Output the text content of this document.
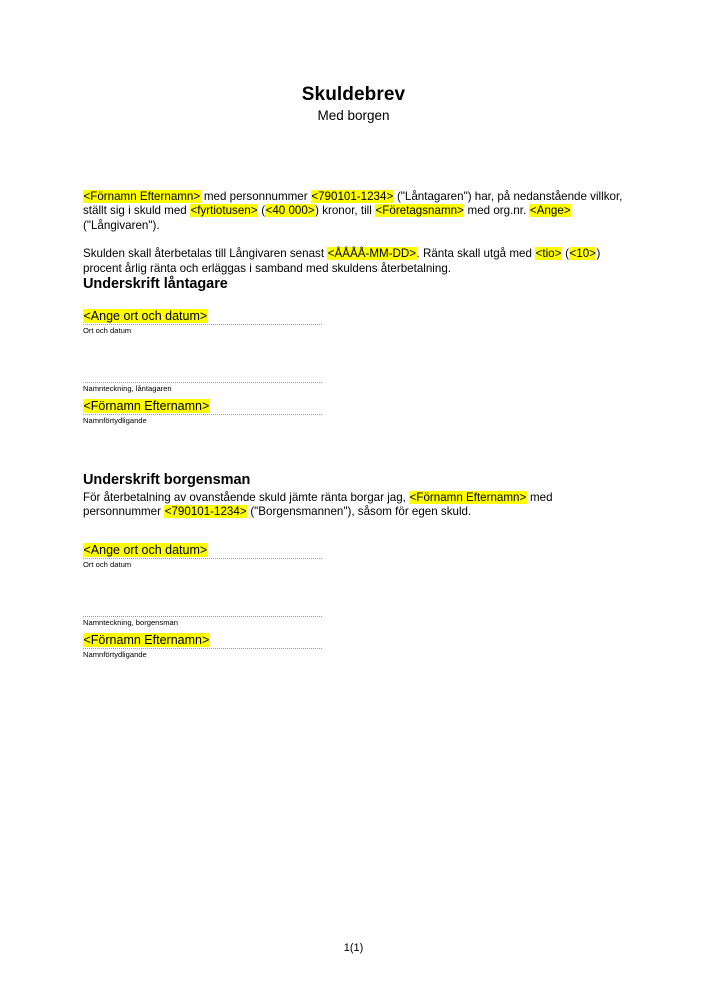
Skuldebrev
Med borgen

<Förnamn Efternamn> med personnummer <790101-1234> ("Låntagaren") har, på nedanstående villkor, ställt sig i skuld med <fyrtiotusen> (<40 000>) kronor, till <Företagsnamn> med org.nr. <Ange> ("Långivaren").

Skulden skall återbetalas till Långivaren senast <ÅÅÅÅ-MM-DD>. Ränta skall utgå med <tio> (<10>) procent årlig ränta och erläggas i samband med skuldens återbetalning.

Underskrift låntagare
<Ange ort och datum>

Ort och datum

Namnteckning, låntagaren

<Förnamn Efternamn>

Namnförtydligande

Underskrift borgensman

För återbetalning av ovanstående skuld jämte ränta borgar jag, <Förnamn Efternamn> med personnummer <790101-1234> ("Borgensmannen"), såsom för egen skuld.

<Ange ort och datum>

Ort och datum

Namnteckning, borgensman

<Förnamn Efternamn>

Namnförtydligande

1(1)
